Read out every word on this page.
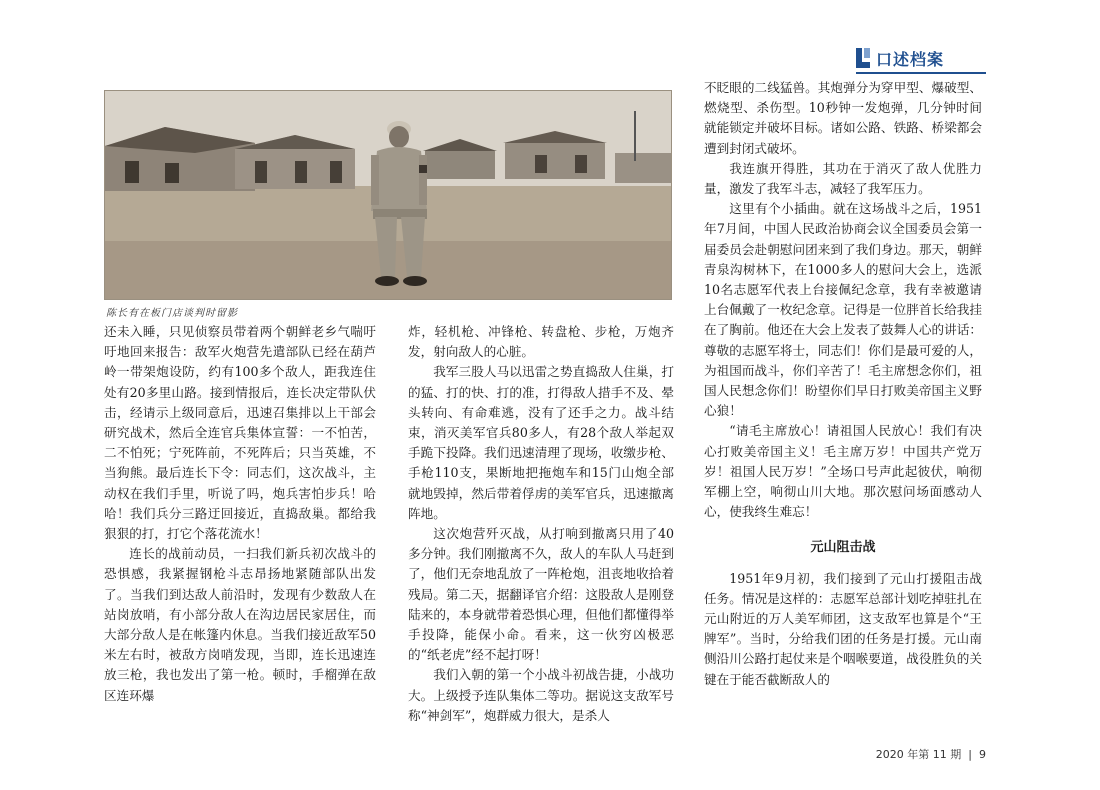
口述档案
陈长有在板门店谈判时留影

还未入睡，只见侦察员带着两个朝鲜老乡气喘吁吁地回来报告：敌军火炮营先遣部队已经在葫芦岭一带架炮设防，约有100多个敌人，距我连住处有20多里山路。接到情报后，连长决定带队伏击，经请示上级同意后，迅速召集排以上干部会研究战术，然后全连官兵集体宣誓：一不怕苦，二不怕死；宁死阵前，不死阵后；只当英雄，不当狗熊。最后连长下令：同志们，这次战斗，主动权在我们手里，听说了吗，炮兵害怕步兵！哈哈！我们兵分三路迂回接近，直捣敌巢。都给我狠狠的打，打它个落花流水！

连长的战前动员，一扫我们新兵初次战斗的恐惧感，我紧握钢枪斗志昂扬地紧随部队出发了。当我们到达敌人前沿时，发现有少数敌人在站岗放哨，有小部分敌人在沟边居民家居住，而大部分敌人是在帐篷内休息。当我们接近敌军50米左右时，被敌方岗哨发现，当即，连长迅速连放三枪，我也发出了第一枪。顿时，手榴弹在敌区连环爆

炸，轻机枪、冲锋枪、转盘枪、步枪，万炮齐发，射向敌人的心脏。

我军三股人马以迅雷之势直捣敌人住巢，打的猛、打的快、打的准，打得敌人措手不及、晕头转向、有命难逃，没有了还手之力。战斗结束，消灭美军官兵80多人，有28个敌人举起双手跪下投降。我们迅速清理了现场，收缴步枪、手枪110支，果断地把拖炮车和15门山炮全部就地毁掉，然后带着俘虏的美军官兵，迅速撤离阵地。

这次炮营歼灭战，从打响到撤离只用了40多分钟。我们刚撤离不久，敌人的车队人马赶到了，他们无奈地乱放了一阵枪炮，沮丧地收拾着残局。第二天，据翻译官介绍：这股敌人是刚登陆来的，本身就带着恐惧心理，但他们都懂得举手投降，能保小命。看来，这一伙穷凶极恶的“纸老虎”经不起打呀！

我们入朝的第一个小战斗初战告捷，小战功大。上级授予连队集体二等功。据说这支敌军号称“神剑军”，炮群威力很大，是杀人

不眨眼的二线猛兽。其炮弹分为穿甲型、爆破型、燃烧型、杀伤型。10秒钟一发炮弹，几分钟时间就能锁定并破坏目标。诸如公路、铁路、桥梁都会遭到封闭式破坏。

我连旗开得胜，其功在于消灭了敌人优胜力量，激发了我军斗志，减轻了我军压力。

这里有个小插曲。就在这场战斗之后，1951年7月间，中国人民政治协商会议全国委员会第一届委员会赴朝慰问团来到了我们身边。那天，朝鲜青泉沟树林下，在1000多人的慰问大会上，选派10名志愿军代表上台接佩纪念章，我有幸被邀请上台佩戴了一枚纪念章。记得是一位胖首长给我挂在了胸前。他还在大会上发表了鼓舞人心的讲话：尊敬的志愿军将士，同志们！你们是最可爱的人，为祖国而战斗，你们辛苦了！毛主席想念你们，祖国人民想念你们！盼望你们早日打败美帝国主义野心狼！

“请毛主席放心！请祖国人民放心！我们有决心打败美帝国主义！毛主席万岁！中国共产党万岁！祖国人民万岁！”全场口号声此起彼伏，响彻军棚上空，响彻山川大地。那次慰问场面感动人心，使我终生难忘！

元山阻击战

1951年9月初，我们接到了元山打援阻击战任务。情况是这样的：志愿军总部计划吃掉驻扎在元山附近的万人美军师团，这支敌军也算是个“王牌军”。当时，分给我们团的任务是打援。元山南侧沿川公路打起仗来是个咽喉要道，战役胜负的关键在于能否截断敌人的

2020 年第 11 期 | 9
